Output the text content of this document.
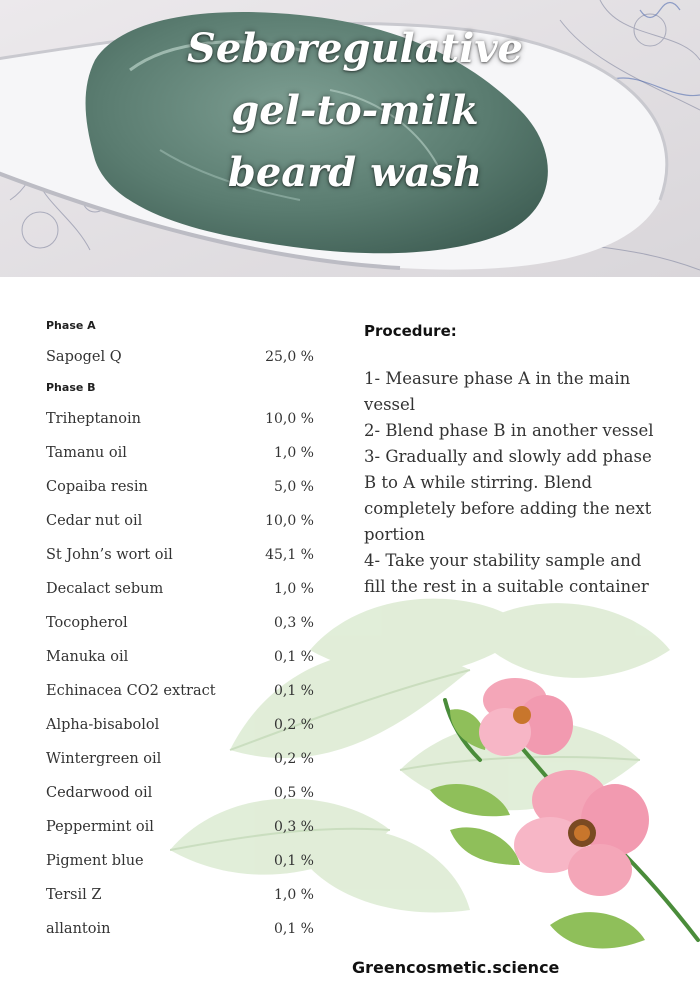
Seboregulative
gel-to-milk
beard wash
Phase A
Sapogel Q	25,0 %
Phase B
Triheptanoin	10,0 %
Tamanu oil	1,0 %
Copaiba resin	5,0 %
Cedar nut oil	10,0 %
St John’s wort oil	45,1 %
Decalact sebum	1,0 %
Tocopherol	0,3 %
Manuka oil	0,1 %
Echinacea CO2 extract	0,1 %
Alpha-bisabolol	0,2 %
Wintergreen oil	0,2 %
Cedarwood oil	0,5 %
Peppermint oil	0,3 %
Pigment blue	0,1 %
Tersil Z	1,0 %
allantoin	0,1 %
Procedure:
1- Measure phase A in the main vessel
2- Blend phase B in another vessel
3- Gradually and slowly add phase B to A while stirring. Blend completely before adding the next portion
4- Take your stability sample and fill the rest in a suitable container
Greencosmetic.science
